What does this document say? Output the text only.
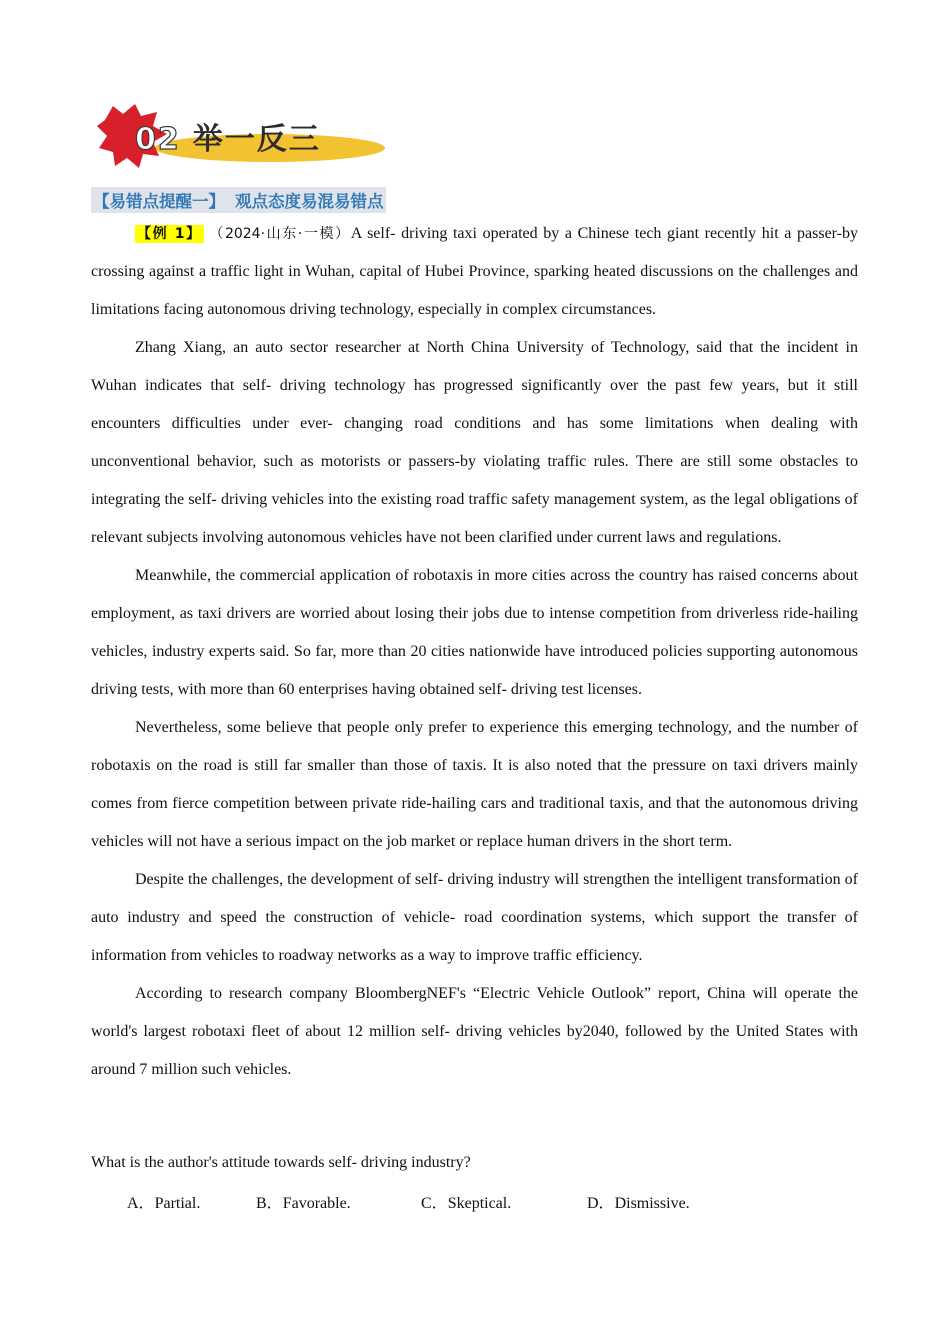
02 举一反三
【易错点提醒一】 观点态度易混易错点

【例 1】 （2024·山东·一模）A self- driving taxi operated by a Chinese tech giant recently hit a passer-by crossing against a traffic light in Wuhan, capital of Hubei Province, sparking heated discussions on the challenges and limitations facing autonomous driving technology, especially in complex circumstances.

Zhang Xiang, an auto sector researcher at North China University of Technology, said that the incident in Wuhan indicates that self- driving technology has progressed significantly over the past few years, but it still encounters difficulties under ever- changing road conditions and has some limitations when dealing with unconventional behavior, such as motorists or passers-by violating traffic rules. There are still some obstacles to integrating the self- driving vehicles into the existing road traffic safety management system, as the legal obligations of relevant subjects involving autonomous vehicles have not been clarified under current laws and regulations.

Meanwhile, the commercial application of robotaxis in more cities across the country has raised concerns about employment, as taxi drivers are worried about losing their jobs due to intense competition from driverless ride-hailing vehicles, industry experts said. So far, more than 20 cities nationwide have introduced policies supporting autonomous driving tests, with more than 60 enterprises having obtained self- driving test licenses.

Nevertheless, some believe that people only prefer to experience this emerging technology, and the number of robotaxis on the road is still far smaller than those of taxis. It is also noted that the pressure on taxi drivers mainly comes from fierce competition between private ride-hailing cars and traditional taxis, and that the autonomous driving vehicles will not have a serious impact on the job market or replace human drivers in the short term.

Despite the challenges, the development of self- driving industry will strengthen the intelligent transformation of auto industry and speed the construction of vehicle- road coordination systems, which support the transfer of information from vehicles to roadway networks as a way to improve traffic efficiency.

According to research company BloombergNEF's “Electric Vehicle Outlook” report, China will operate the world's largest robotaxi fleet of about 12 million self- driving vehicles by2040, followed by the United States with around 7 million such vehicles.

What is the author's attitude towards self- driving industry?
A．Partial.	B．Favorable.	C．Skeptical.	D．Dismissive.
